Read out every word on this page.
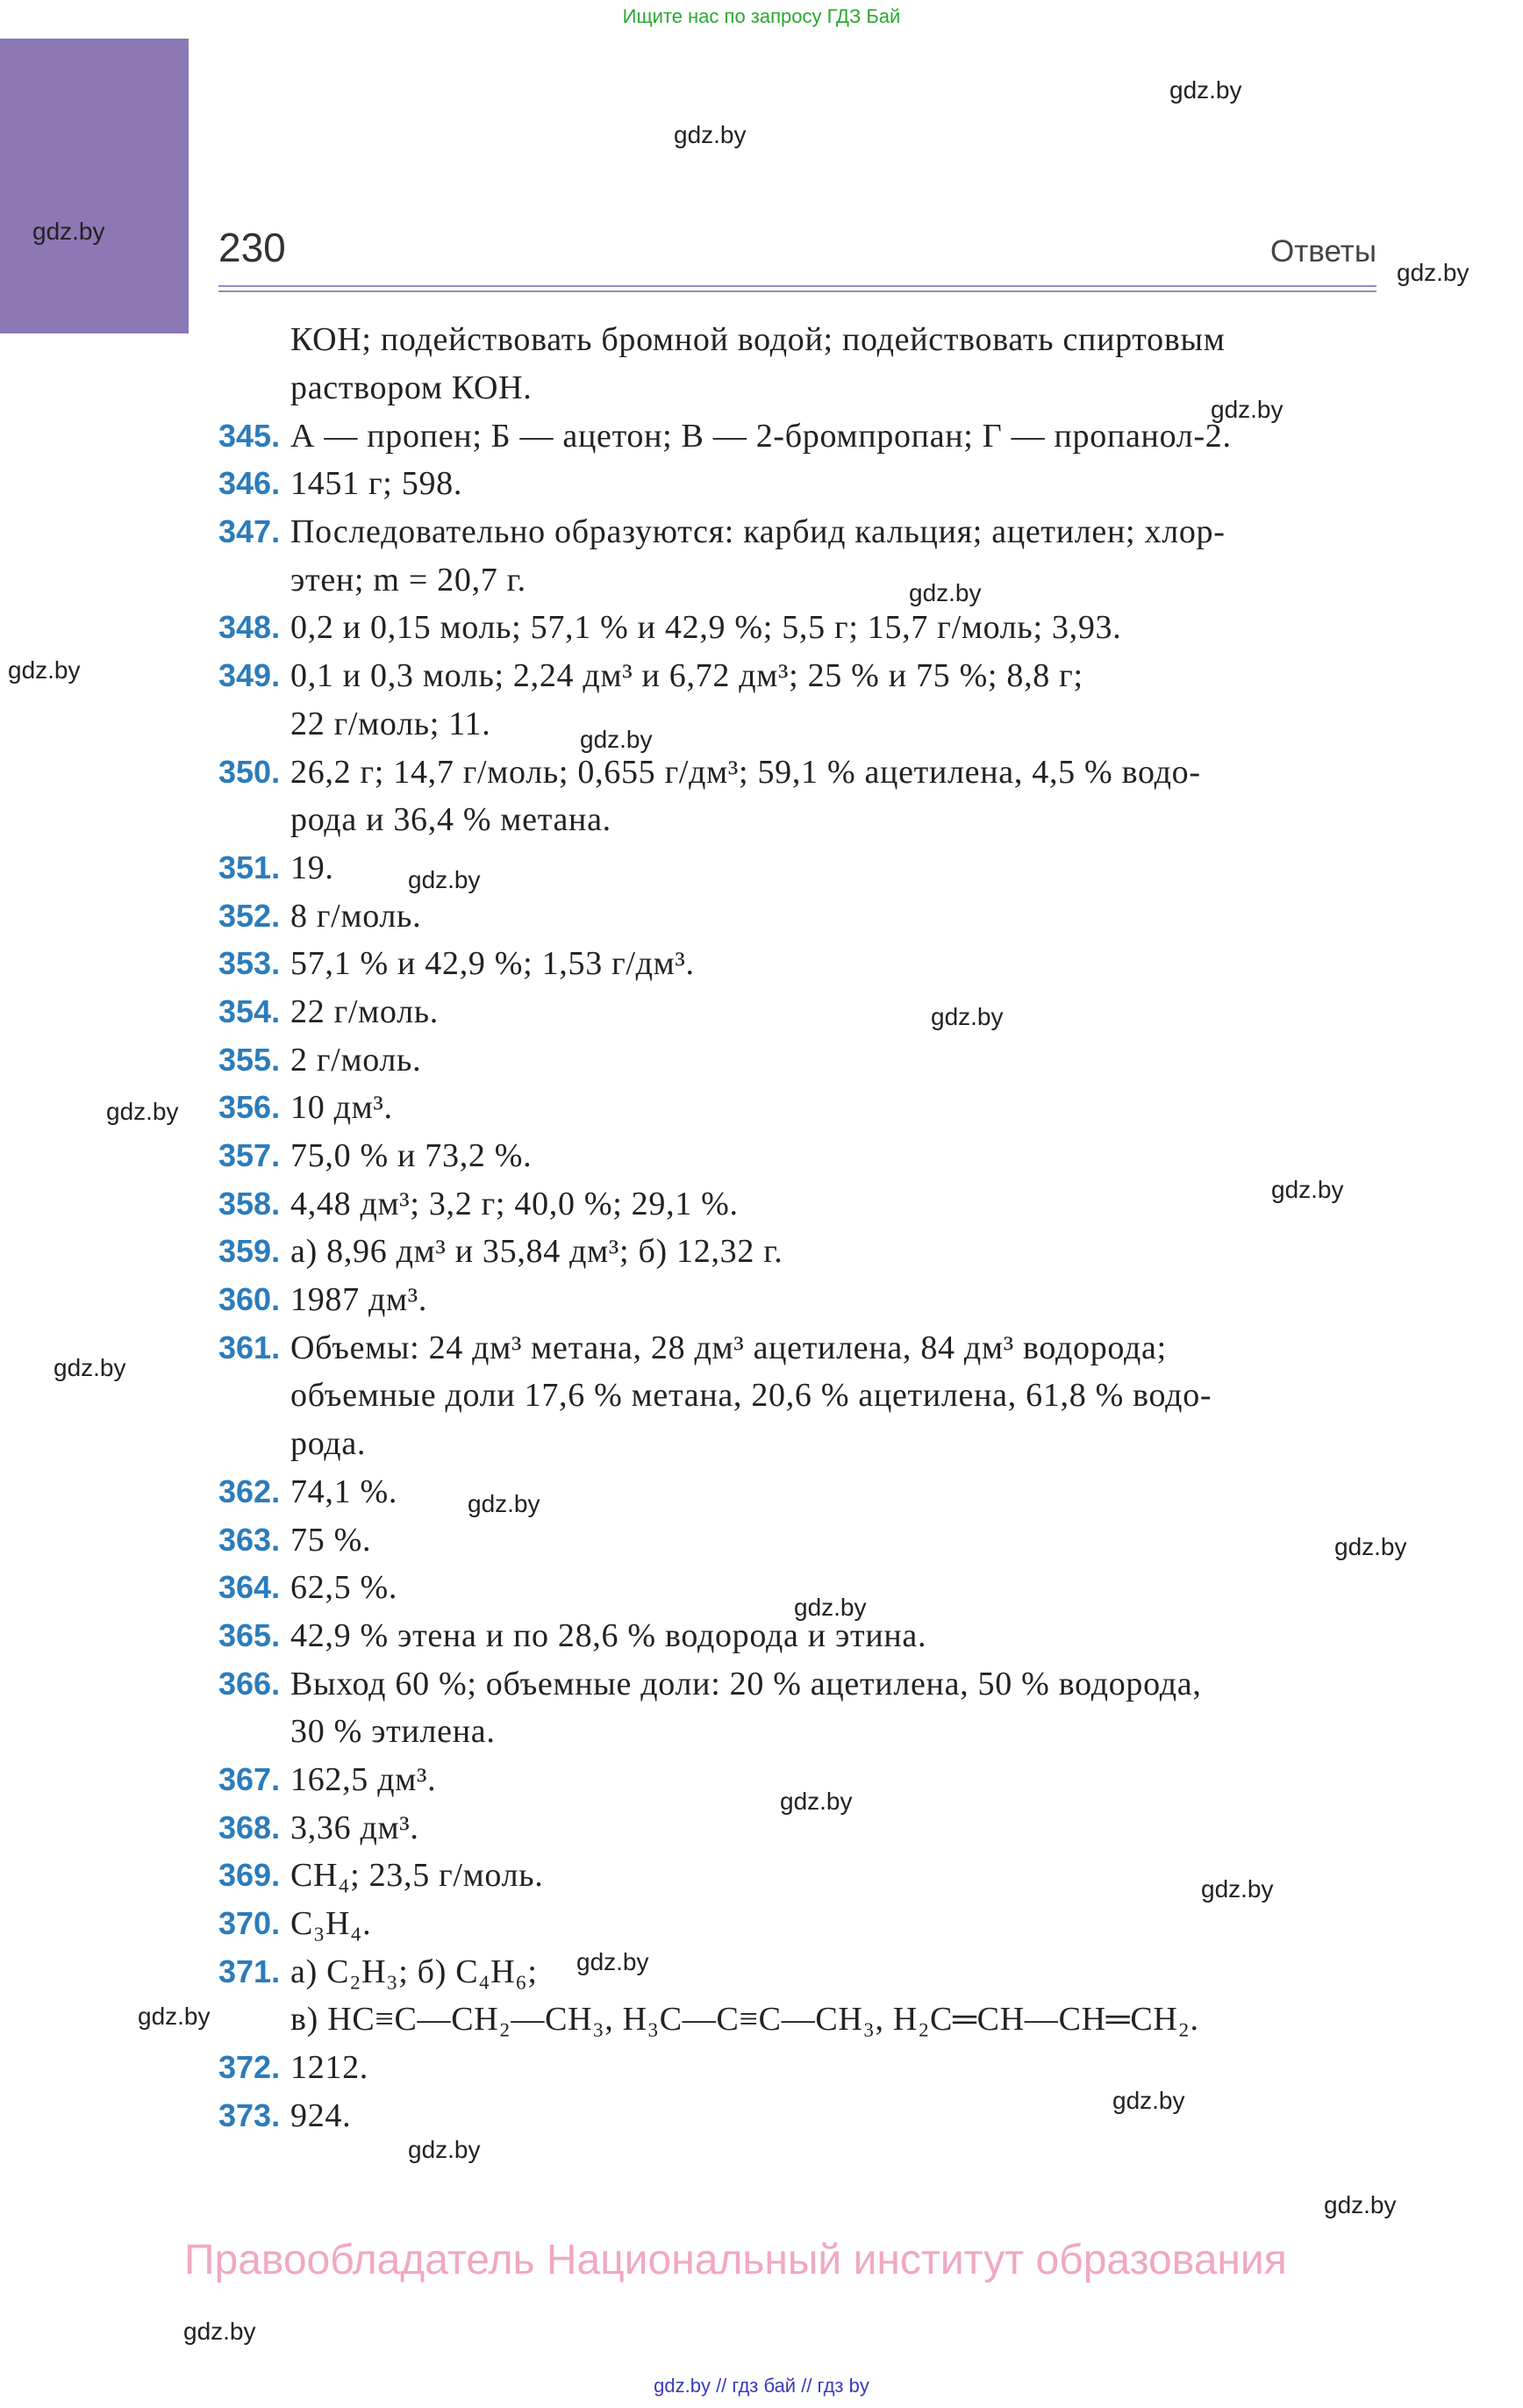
Ищите нас по запросу ГДЗ Бай
230	Ответы
КОН; подействовать бромной водой; подействовать спиртовым
раствором КОН.
345. А — пропен; Б — ацетон; В — 2-бромпропан; Г — пропанол-2.
346. 1451 г; 598.
347. Последовательно образуются: карбид кальция; ацетилен; хлор-
этен; m = 20,7 г.
348. 0,2 и 0,15 моль; 57,1 % и 42,9 %; 5,5 г; 15,7 г/моль; 3,93.
349. 0,1 и 0,3 моль; 2,24 дм³ и 6,72 дм³; 25 % и 75 %; 8,8 г;
22 г/моль; 11.
350. 26,2 г; 14,7 г/моль; 0,655 г/дм³; 59,1 % ацетилена, 4,5 % водо-
рода и 36,4 % метана.
351. 19.
352. 8 г/моль.
353. 57,1 % и 42,9 %; 1,53 г/дм³.
354. 22 г/моль.
355. 2 г/моль.
356. 10 дм³.
357. 75,0 % и 73,2 %.
358. 4,48 дм³; 3,2 г; 40,0 %; 29,1 %.
359. а) 8,96 дм³ и 35,84 дм³; б) 12,32 г.
360. 1987 дм³.
361. Объемы: 24 дм³ метана, 28 дм³ ацетилена, 84 дм³ водорода;
объемные доли 17,6 % метана, 20,6 % ацетилена, 61,8 % водо-
рода.
362. 74,1 %.
363. 75 %.
364. 62,5 %.
365. 42,9 % этена и по 28,6 % водорода и этина.
366. Выход 60 %; объемные доли: 20 % ацетилена, 50 % водорода,
30 % этилена.
367. 162,5 дм³.
368. 3,36 дм³.
369. CH₄; 23,5 г/моль.
370. C₃H₄.
371. а) C₂H₃; б) C₄H₆;
в) HC≡C—CH₂—CH₃, H₃C—C≡C—CH₃, H₂C═CH—CH═CH₂.
372. 1212.
373. 924.
gdz.by
gdz.by
gdz.by
gdz.by
gdz.by
gdz.by
gdz.by
gdz.by
gdz.by
gdz.by
gdz.by
gdz.by
gdz.by
gdz.by
gdz.by
gdz.by
gdz.by
gdz.by
gdz.by
gdz.by
gdz.by
gdz.by
gdz.by
gdz.by
Правообладатель Национальный институт образования
gdz.by // гдз бай // гдз by
